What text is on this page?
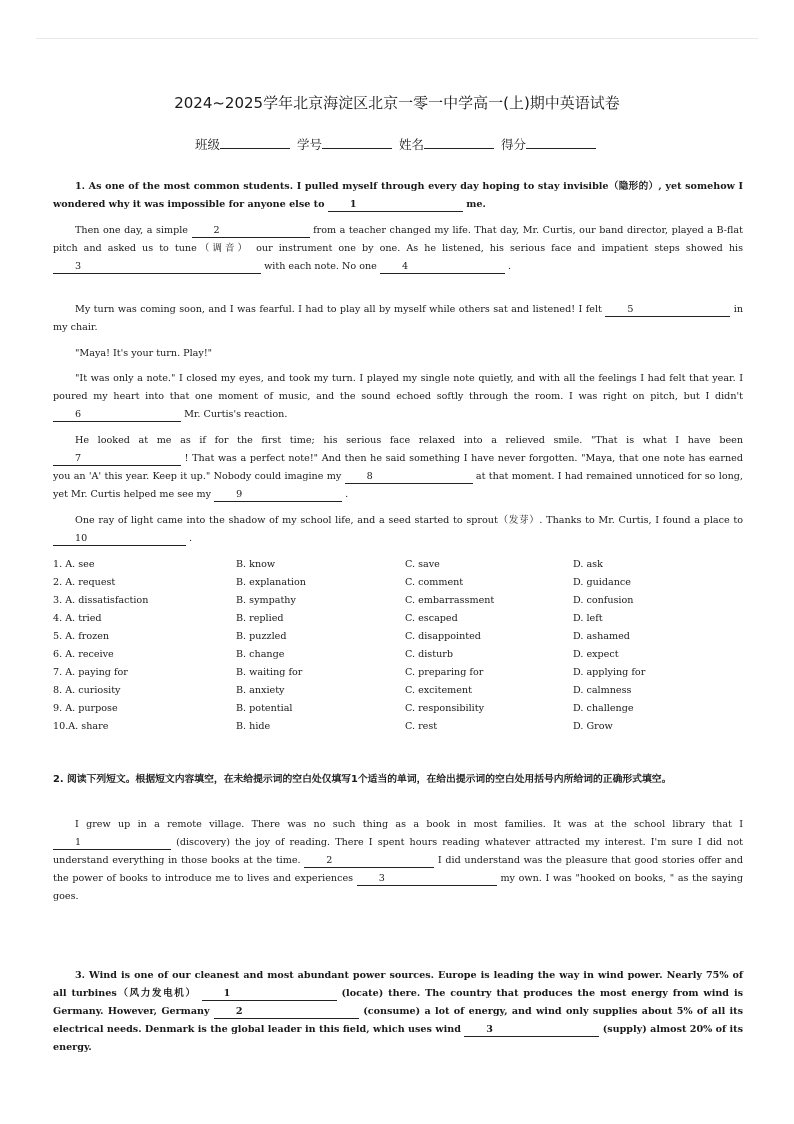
2024~2025学年北京海淀区北京一零一中学高一(上)期中英语试卷
班级	学号	姓名	得分

1. As one of the most common students. I pulled myself through every day hoping to stay invisible（隐形的）, yet somehow I wondered why it was impossible for anyone else to	1	me.

Then one day, a simple	2	from a teacher changed my life. That day, Mr. Curtis, our band director, played a B-flat pitch and asked us to tune（调音） our instrument one by one. As he listened, his serious face and impatient steps showed his 3	with each note. No one	4	.

My turn was coming soon, and I was fearful. I had to play all by myself while others sat and listened! I felt	5	in my chair.

"Maya! It's your turn. Play!"

"It was only a note." I closed my eyes, and took my turn. I played my single note quietly, and with all the feelings I had felt that year. I poured my heart into that one moment of music, and the sound echoed softly through the room. I was right on pitch, but I didn't 6	Mr. Curtis's reaction.

He looked at me as if for the first time; his serious face relaxed into a relieved smile. "That is what I have been 7	! That was a perfect note!" And then he said something I have never forgotten. "Maya, that one note has earned you an 'A' this year. Keep it up." Nobody could imagine my	8	at that moment. I had remained unnoticed for so long, yet Mr. Curtis helped me see my	9	.

One ray of light came into the shadow of my school life, and a seed started to sprout（发芽）. Thanks to Mr. Curtis, I found a place to 10	.

1. A. see	B. know	C. save	D. ask
2. A. request	B. explanation	C. comment	D. guidance
3. A. dissatisfaction	B. sympathy	C. embarrassment	D. confusion
4. A. tried	B. replied	C. escaped	D. left
5. A. frozen	B. puzzled	C. disappointed	D. ashamed
6. A. receive	B. change	C. disturb	D. expect
7. A. paying for	B. waiting for	C. preparing for	D. applying for
8. A. curiosity	B. anxiety	C. excitement	D. calmness
9. A. purpose	B. potential	C. responsibility	D. challenge
10.A. share	B. hide	C. rest	D. Grow
2. 阅读下列短文。根据短文内容填空，在未给提示词的空白处仅填写1个适当的单词，在给出提示词的空白处用括号内所给词的正确形式填空。

I grew up in a remote village. There was no such thing as a book in most families. It was at the school library that I 1	(discovery) the joy of reading. There I spent hours reading whatever attracted my interest. I'm sure I did not understand everything in those books at the time.	2	I did understand was the pleasure that good stories offer and the power of books to introduce me to lives and experiences	3	my own. I was "hooked on books, " as the saying goes.

3. Wind is one of our cleanest and most abundant power sources. Europe is leading the way in wind power. Nearly 75% of all turbines（风力发电机）	1	(locate) there. The country that produces the most energy from wind is Germany. However, Germany	2	(consume) a lot of energy, and wind only supplies about 5% of all its electrical needs. Denmark is the global leader in this field, which uses wind	3	(supply) almost 20% of its energy.
